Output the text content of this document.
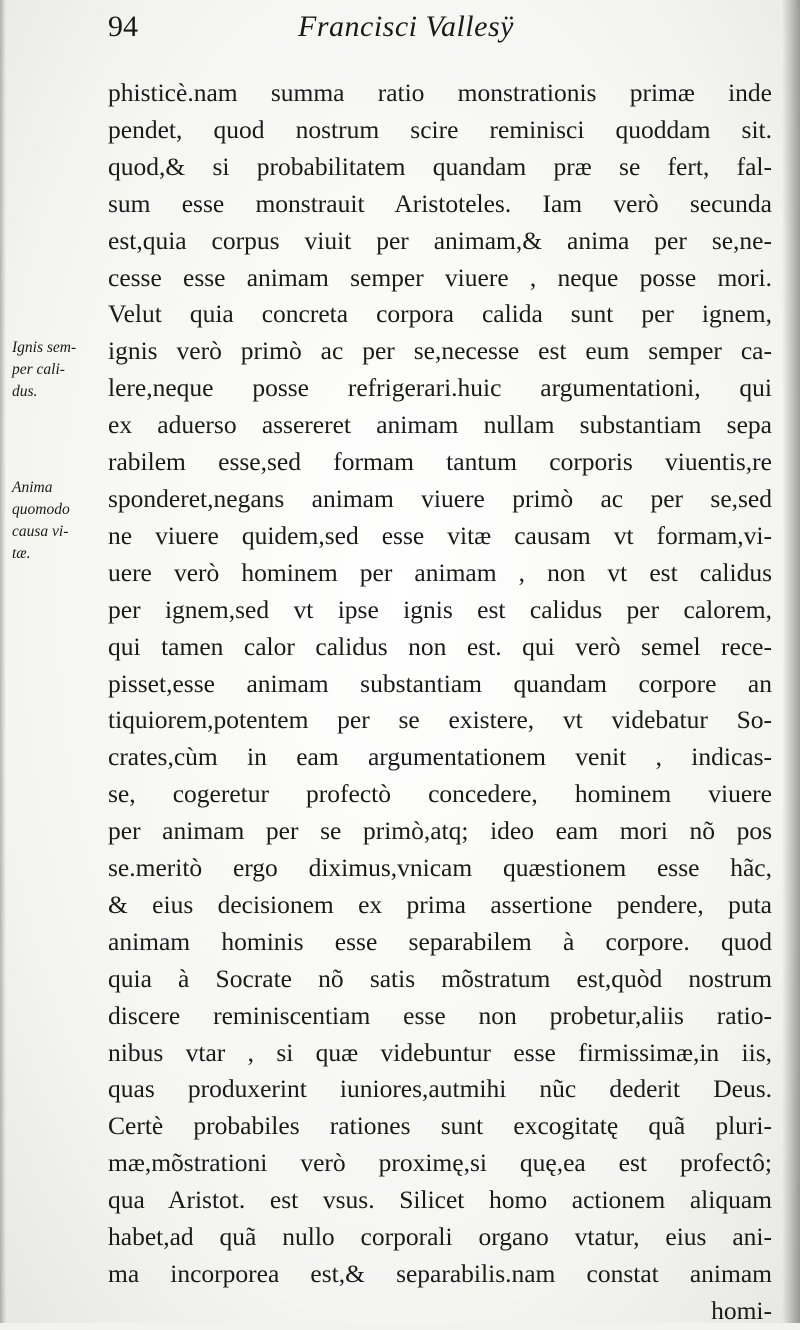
94	Francisci Vallesÿ
Ignis sem-
per cali-
dus.
Anima
quomodo
causa vi-
tæ.
phisticè.nam summa ratio monstrationis primæ inde
pendet, quod nostrum scire reminisci quoddam sit.
quod,& si probabilitatem quandam præ se fert, fal-
sum esse monstrauit Aristoteles. Iam verò secunda
est,quia corpus viuit per animam,& anima per se,ne-
cesse esse animam semper viuere , neque posse mori.
Velut quia concreta corpora calida sunt per ignem,
ignis verò primò ac per se,necesse est eum semper ca-
lere,neque posse refrigerari.huic argumentationi, qui
ex aduerso assereret animam nullam substantiam sepa
rabilem esse,sed formam tantum corporis viuentis,re
sponderet,negans animam viuere primò ac per se,sed
ne viuere quidem,sed esse vitæ causam vt formam,vi-
uere verò hominem per animam , non vt est calidus
per ignem,sed vt ipse ignis est calidus per calorem,
qui tamen calor calidus non est. qui verò semel rece-
pisset,esse animam substantiam quandam corpore an
tiquiorem,potentem per se existere, vt videbatur So-
crates,cùm in eam argumentationem venit , indicas-
se, cogeretur profectò concedere, hominem viuere
per animam per se primò,atq; ideo eam mori nõ pos
se.meritò ergo diximus,vnicam quæstionem esse hãc,
& eius decisionem ex prima assertione pendere, puta
animam hominis esse separabilem à corpore. quod
quia à Socrate nõ satis mõstratum est,quòd nostrum
discere reminiscentiam esse non probetur,aliis ratio-
nibus vtar , si quæ videbuntur esse firmissimæ,in iis,
quas produxerint iuniores,autmihi nũc dederit Deus.
Certè probabiles rationes sunt excogitatę quã pluri-
mæ,mõstrationi verò proximę,si quę,ea est profectô;
qua Aristot. est vsus. Silicet homo actionem aliquam
habet,ad quã nullo corporali organo vtatur, eius ani-
ma incorporea est,& separabilis.nam constat animam
homi-
